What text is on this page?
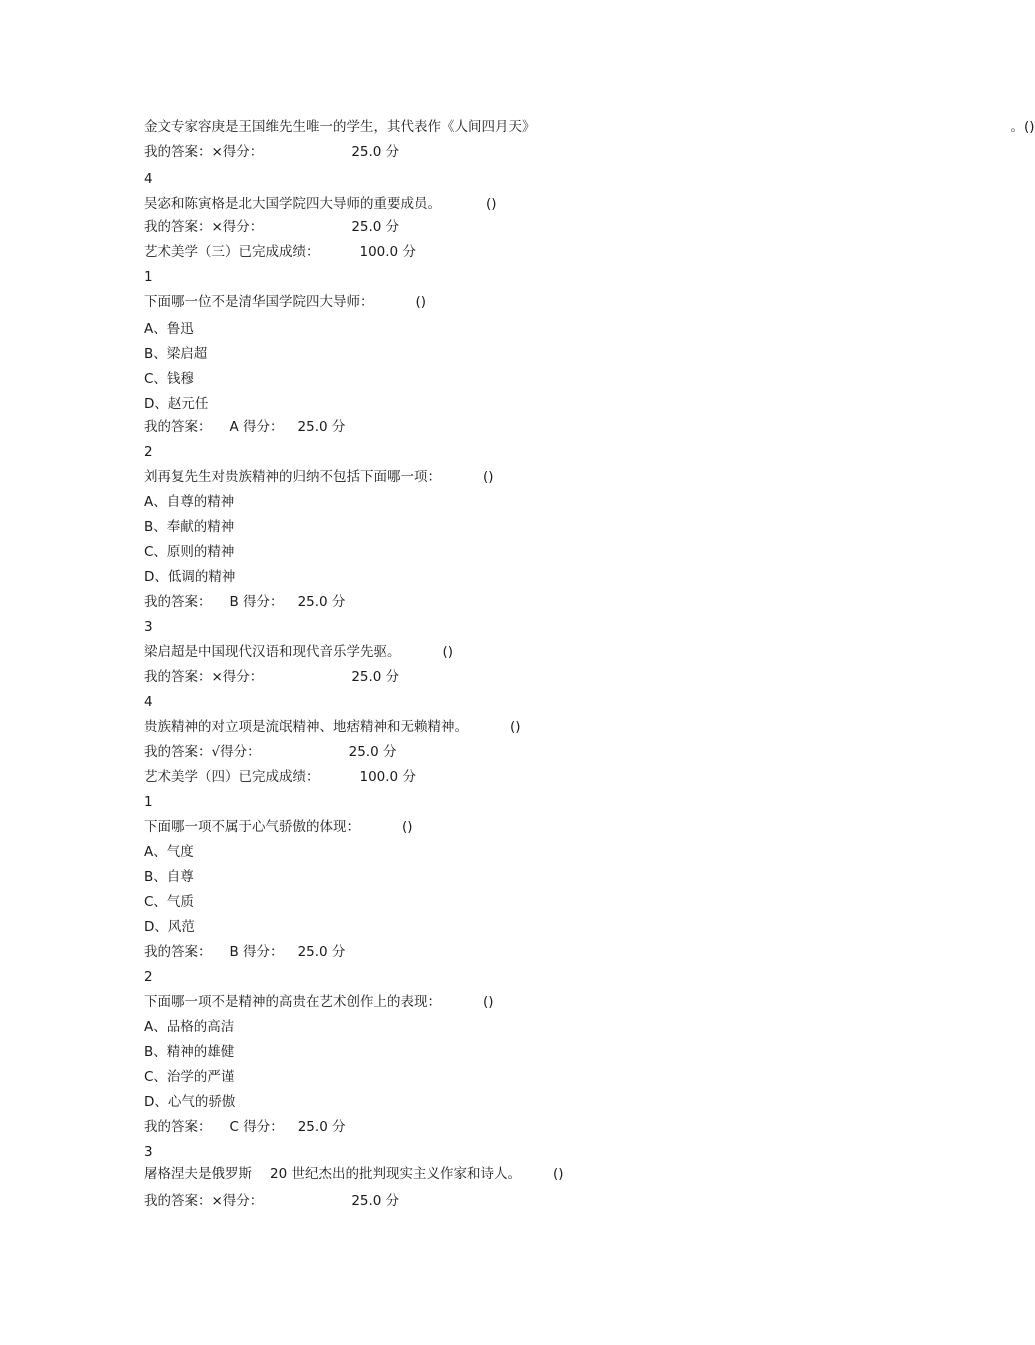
金文专家容庚是王国维先生唯一的学生，其代表作《人间四月天》	。()
我的答案：×得分：	25.0 分
4
吴宓和陈寅格是北大国学院四大导师的重要成员。	()
我的答案：×得分：	25.0 分
艺术美学（三）已完成成绩：	100.0 分
1
下面哪一位不是清华国学院四大导师：	()
A、鲁迅
B、梁启超
C、钱穆
D、赵元任
我的答案： A 得分： 25.0 分
2
刘再复先生对贵族精神的归纳不包括下面哪一项：	()
A、自尊的精神
B、奉献的精神
C、原则的精神
D、低调的精神
我的答案： B 得分： 25.0 分
3
梁启超是中国现代汉语和现代音乐学先驱。	()
我的答案：×得分：	25.0 分
4
贵族精神的对立项是流氓精神、地痞精神和无赖精神。	()
我的答案：√得分：	25.0 分
艺术美学（四）已完成成绩：	100.0 分
1
下面哪一项不属于心气骄傲的体现：	()
A、气度
B、自尊
C、气质
D、风范
我的答案： B 得分： 25.0 分
2
下面哪一项不是精神的高贵在艺术创作上的表现：	()
A、品格的高洁
B、精神的雄健
C、治学的严谨
D、心气的骄傲
我的答案： C 得分： 25.0 分
3
屠格涅夫是俄罗斯 20 世纪杰出的批判现实主义作家和诗人。 ()
我的答案：×得分：	25.0 分
